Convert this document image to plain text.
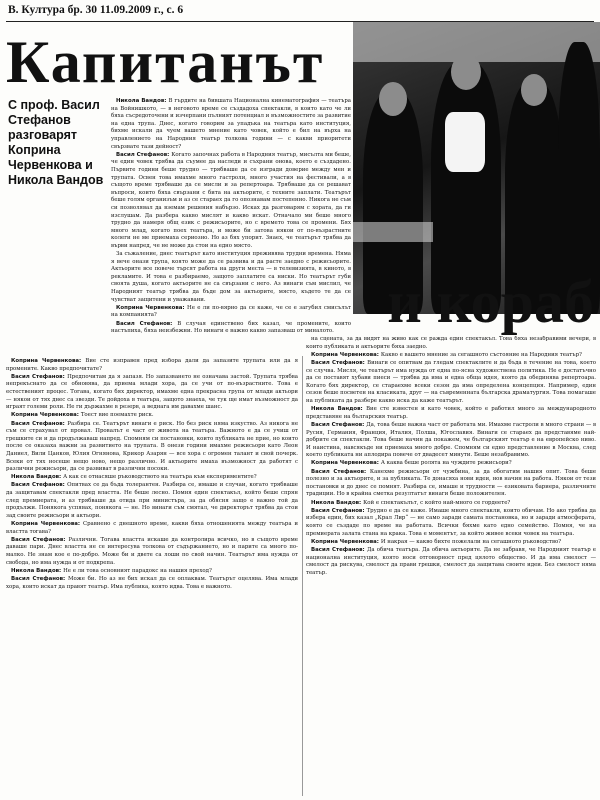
В. Култура бр. 30 11.09.2009 г., с. 6
Капитанът
и кораб
С проф. Васил Стефанов разговарят Коприна Червенкова и Никола Вандов

Никола Вандов: В гърдите на бившата Национална кинематография — театъра на Войнишкото, — в неговото време се създадоха спектакли, в които като че ли бяха съсредоточени и изчерпани пълният потенциал и възможностите за развитие на една трупа. Днес, когато говорим за упадъка на театъра като институция, бихме искали да чуем вашето мнение като човек, който е бил на върха на управлението на Народния театър толкова години — с какви приоритети свързвате тази дейност?

Васил Стефанов: Когато започнах работа в Народния театър, мисълта ми беше, че един човек трябва да съумее да наследи и съхрани онова, което е създадено. Първите години беше трудно — трябваше да се изгради доверие между мен и трупата. Освен това имахме много гастроли, много участия на фестивали, а в същото време трябваше да се мисли и за репертоара. Трябваше да се решават въпроси, които бяха свързани с бита на актьорите, с техните заплати. Театърът беше голям организъм и аз се стараех да го опознавам постепенно. Никога не съм си позволявал да вземам решения набързо. Исках да разговарям с хората, да ги изслушам. Да разбера какво мислят и какво искат. Отначало ми беше много трудно да намеря общ език с режисьорите, но с времето това се промени. Бях много млад, когато поех театъра, и може би затова някои от по-възрастните колеги не ме приемаха сериозно. Но аз бях упорит. Знаех, че театърът трябва да върви напред, че не може да стои на едно място.

За съжаление, днес театърът като институция преживява трудни времена. Няма я вече онази трупа, която може да се развива и да расте заедно с режисьорите. Актьорите все повече търсят работа на други места — в телевизията, в киното, в рекламите. И това е разбираемо, защото заплатите са ниски. Но театърът губи своята душа, когато актьорите не са свързани с него. Аз винаги съм мислил, че Народният театър трябва да бъде дом за актьорите, място, където те да се чувстват защитени и уважавани.

Коприна Червенкова: Не е ли по-вярно да се каже, че се е загубил смисълът на компанията?

Васил Стефанов: В случая единствено бих казал, че промените, които настъпиха, бяха неизбежни. Но винаги е важно какво запазваш от миналото.

Коприна Червенкова: Вие сте изправен пред избора дали да запазите трупата или да я промените. Какво предпочитате?

Васил Стефанов: Предпочитам да я запазя. Но запазването не означава застой. Трупата трябва непрекъснато да се обновява, да приема млади хора, да се учи от по-възрастните. Това е естественият процес. Тогава, когато бях директор, имахме една прекрасна група от млади актьори — някои от тях днес са звезди. Те дойдоха в театъра, защото знаеха, че тук ще имат възможност да играят големи роли. Не ги държахме в резерв, а веднага им давахме шанс.

Коприна Червенкова: Тоест вие поемахте риск.

Васил Стефанов: Разбира се. Театърът винаги е риск. Но без риск няма изкуство. Аз никога не съм се страхувал от провал. Провалът е част от живота на театъра. Важното е да се учиш от грешките си и да продължаваш напред. Спомням си постановки, които публиката не прие, но които после се оказаха важни за развитието на трупата. В онези години имахме режисьори като Леон Даниел, Вили Цанков, Юлия Огнянова, Крикор Азарян — все хора с огромен талант и свой почерк. Всеки от тях носеше нещо ново, нещо различно. И актьорите имаха възможност да работят с различни режисьори, да се развиват в различни посоки.

Никола Вандов: А как се отнасяше ръководството на театъра към експериментите?

Васил Стефанов: Опитвах се да бъда толерантен. Разбира се, имаше и случаи, когато трябваше да защитавам спектакли пред властта. Не беше лесно. Помня един спектакъл, който беше спрян след премиерата, и аз трябваше да отида при министъра, за да обясня защо е важно той да продължи. Понякога успявах, понякога — не. Но винаги съм смятал, че директорът трябва да стои зад своите режисьори и актьори.

Коприна Червенкова: Сравнено с днешното време, какви бяха отношенията между театъра и властта тогава?

Васил Стефанов: Различни. Тогава властта искаше да контролира всичко, но в същото време даваше пари. Днес властта не се интересува толкова от съдържанието, но и парите са много по-малко. Не знам кое е по-добро. Може би и двете са лоши по свой начин. Театърът има нужда от свобода, но има нужда и от подкрепа.

Никола Вандов: Не е ли това основният парадокс на нашия преход?

Васил Стефанов: Може би. Но аз не бих искал да се оплаквам. Театърът оцелява. Има млади хора, които искат да правят театър. Има публика, която идва. Това е важното.

на сцената, за да видят на живо как се ражда един спектакъл. Това бяха незабравими вечери, в които публиката и актьорите бяха заедно.

Коприна Червенкова: Какво е вашето мнение за сегашното състояние на Народния театър?

Васил Стефанов: Винаги се опитвам да гледам спектаклите и да бъда в течение на това, което се случва. Мисля, че театърът има нужда от една по-ясна художествена политика. Не е достатъчно да се поставят хубави пиеси — трябва да има и една обща идея, която да обединява репертоара. Когато бях директор, се стараехме всеки сезон да има определена концепция. Например, един сезон беше посветен на класиката, друг — на съвременната българска драматургия. Това помагаше на публиката да разбере какво иска да каже театърът.

Никола Вандов: Вие сте известен и като човек, който е работил много за международното представяне на българския театър.

Васил Стефанов: Да, това беше важна част от работата ми. Имахме гастроли в много страни — в Русия, Германия, Франция, Италия, Полша, Югославия. Винаги се стараех да представяме най-добрите си спектакли. Това беше начин да покажем, че българският театър е на европейско ниво. И наистина, навсякъде ни приемаха много добре. Спомням си едно представление в Москва, след което публиката ни аплодира повече от двадесет минути. Беше незабравимо.

Коприна Червенкова: А каква беше ролята на чуждите режисьори?

Васил Стефанов: Канехме режисьори от чужбина, за да обогатим нашия опит. Това беше полезно и за актьорите, и за публиката. Те донасяха нови идеи, нов начин на работа. Някои от тези постановки и до днес се помнят. Разбира се, имаше и трудности — езиковата бариера, различните традиции. Но в крайна сметка резултатът винаги беше положителен.

Никола Вандов: Кой е спектакълът, с който най-много се гордеете?

Васил Стефанов: Трудно е да се каже. Имаше много спектакли, които обичам. Но ако трябва да избера един, бих казал „Крал Лир“ — не само заради самата постановка, но и заради атмосферата, която се създаде по време на работата. Всички бяхме като едно семейство. Помня, че на премиерата залата стана на крака. Това е моментът, за който живее всеки човек на театъра.

Коприна Червенкова: И накрая — какво бихте пожелали на сегашното ръководство?

Васил Стефанов: Да обича театъра. Да обича актьорите. Да не забравя, че Народният театър е национална институция, която носи отговорност пред цялото общество. И да има смелост — смелост да рискува, смелост да прави грешки, смелост да защитава своите идеи. Без смелост няма театър.
